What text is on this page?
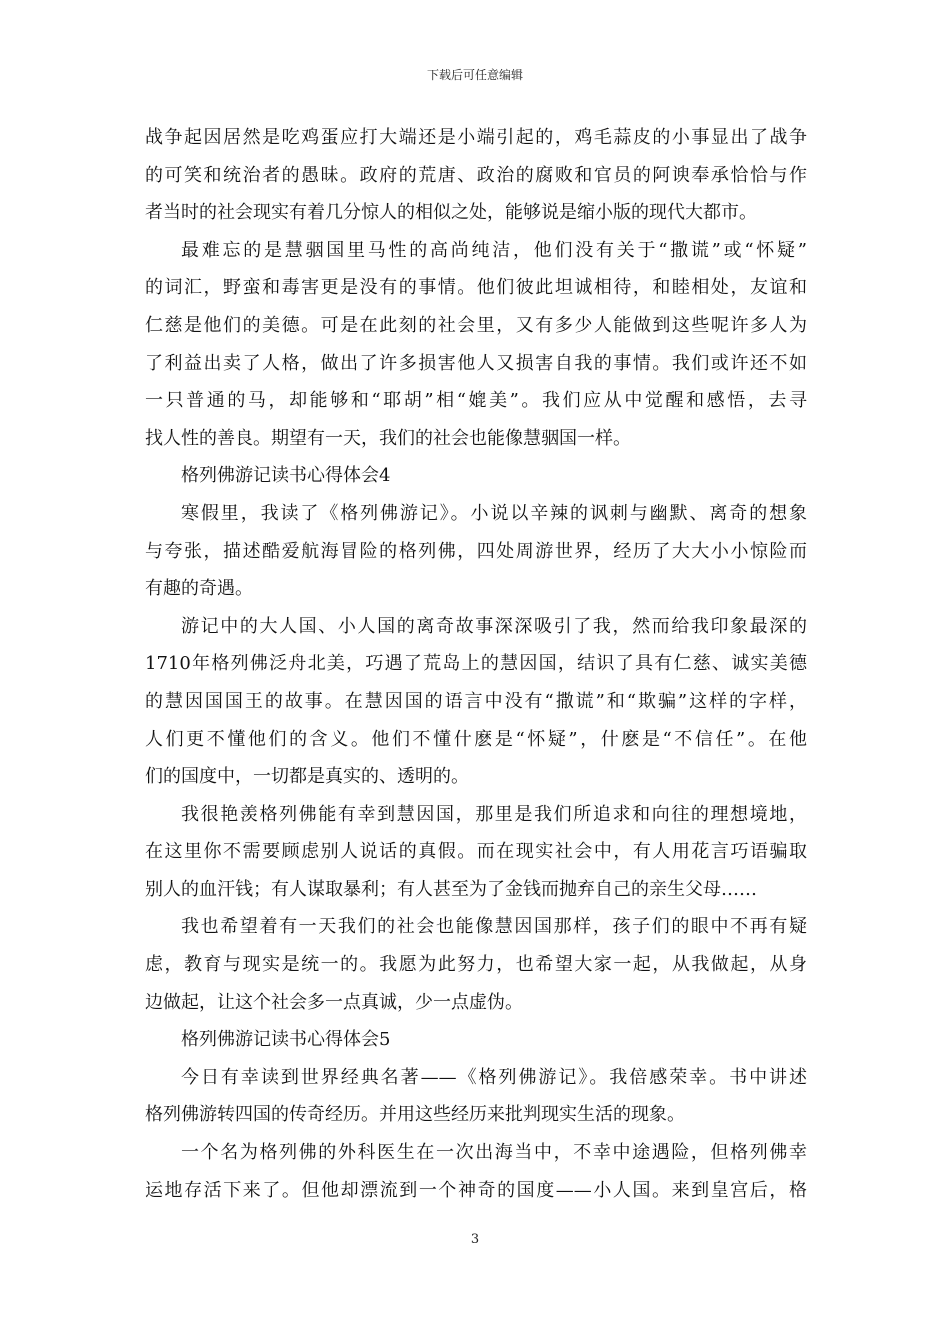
下载后可任意编辑
战争起因居然是吃鸡蛋应打大端还是小端引起的，鸡毛蒜皮的小事显出了战争
的可笑和统治者的愚昧。政府的荒唐、政治的腐败和官员的阿谀奉承恰恰与作
者当时的社会现实有着几分惊人的相似之处，能够说是缩小版的现代大都市。
最难忘的是慧骃国里马性的高尚纯洁，他们没有关于“撒谎”或“怀疑”
的词汇，野蛮和毒害更是没有的事情。他们彼此坦诚相待，和睦相处，友谊和
仁慈是他们的美德。可是在此刻的社会里，又有多少人能做到这些呢许多人为
了利益出卖了人格，做出了许多损害他人又损害自我的事情。我们或许还不如
一只普通的马，却能够和“耶胡”相“媲美”。我们应从中觉醒和感悟，去寻
找人性的善良。期望有一天，我们的社会也能像慧骃国一样。
格列佛游记读书心得体会4
寒假里，我读了《格列佛游记》。小说以辛辣的讽刺与幽默、离奇的想象
与夸张，描述酷爱航海冒险的格列佛，四处周游世界，经历了大大小小惊险而
有趣的奇遇。
游记中的大人国、小人国的离奇故事深深吸引了我，然而给我印象最深的
1710年格列佛泛舟北美，巧遇了荒岛上的慧因国，结识了具有仁慈、诚实美德
的慧因国国王的故事。在慧因国的语言中没有“撒谎”和“欺骗”这样的字样，
人们更不懂他们的含义。他们不懂什麽是“怀疑”，什麽是“不信任”。在他
们的国度中，一切都是真实的、透明的。
我很艳羡格列佛能有幸到慧因国，那里是我们所追求和向往的理想境地，
在这里你不需要顾虑别人说话的真假。而在现实社会中，有人用花言巧语骗取
别人的血汗钱；有人谋取暴利；有人甚至为了金钱而抛弃自己的亲生父母……
我也希望着有一天我们的社会也能像慧因国那样，孩子们的眼中不再有疑
虑，教育与现实是统一的。我愿为此努力，也希望大家一起，从我做起，从身
边做起，让这个社会多一点真诚，少一点虚伪。
格列佛游记读书心得体会5
今日有幸读到世界经典名著——《格列佛游记》。我倍感荣幸。书中讲述
格列佛游转四国的传奇经历。并用这些经历来批判现实生活的现象。
一个名为格列佛的外科医生在一次出海当中，不幸中途遇险，但格列佛幸
运地存活下来了。但他却漂流到一个神奇的国度——小人国。来到皇宫后，格
3
